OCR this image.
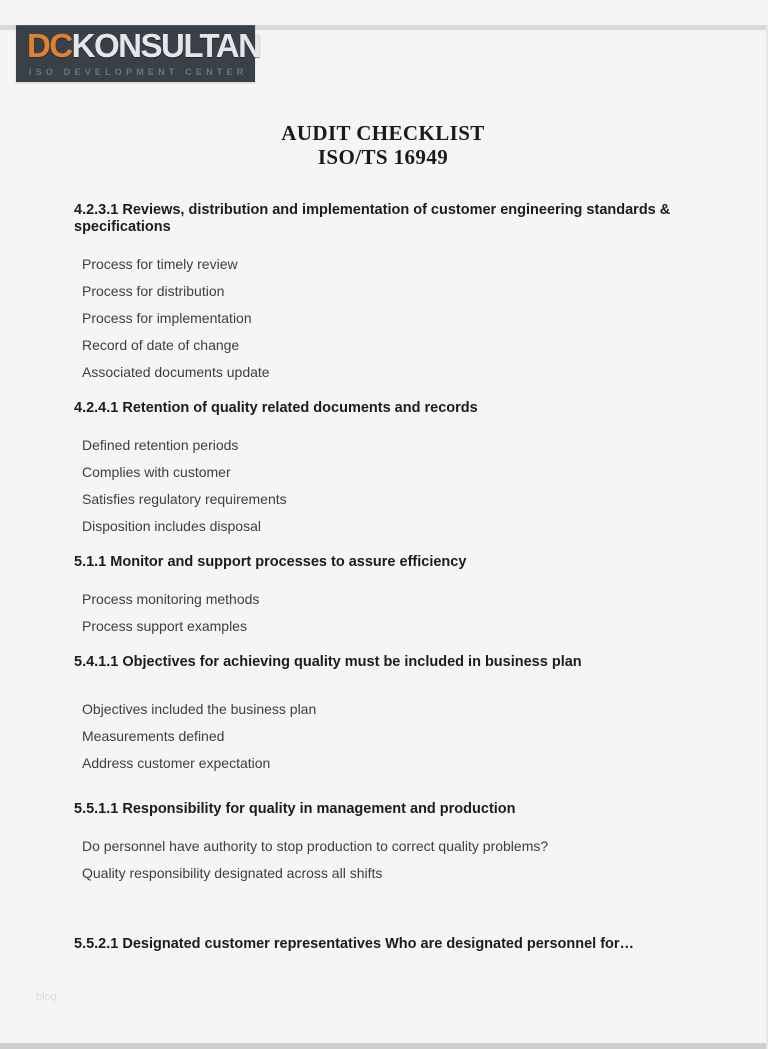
DCKONSULTAN
ISO DEVELOPMENT CENTER
AUDIT CHECKLIST
ISO/TS 16949
4.2.3.1 Reviews, distribution and implementation of customer engineering standards & specifications
Process for timely review
Process for distribution
Process for implementation
Record of date of change
Associated documents update
4.2.4.1 Retention of quality related documents and records
Defined retention periods
Complies with customer
Satisfies regulatory requirements
Disposition includes disposal
5.1.1 Monitor and support processes to assure efficiency
Process monitoring methods
Process support examples
5.4.1.1 Objectives for achieving quality must be included in business plan
Objectives included the business plan
Measurements defined
Address customer expectation
5.5.1.1 Responsibility for quality in management and production
Do personnel have authority to stop production to correct quality problems?
Quality responsibility designated across all shifts
5.5.2.1 Designated customer representatives Who are designated personnel for…
blog
